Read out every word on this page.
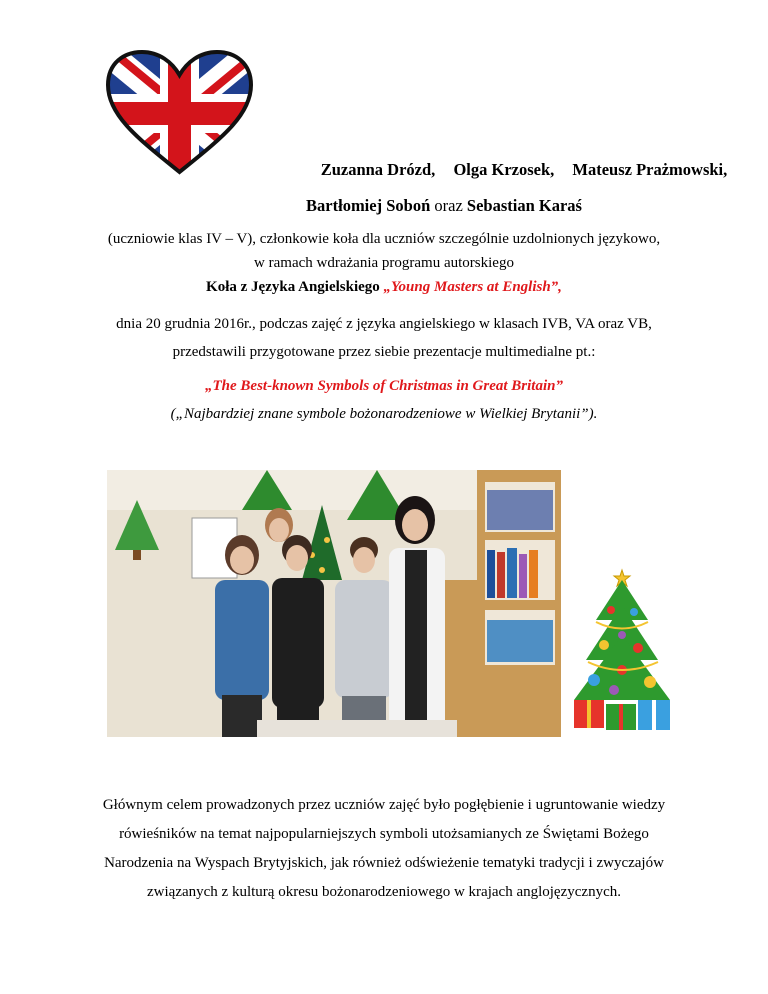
Zuzanna Drózd, Olga Krzosek, Mateusz Prażmowski,
Bartłomiej Soboń oraz Sebastian Karaś
(uczniowie klas IV – V), członkowie koła dla uczniów szczególnie uzdolnionych językowo,
w ramach wdrażania programu autorskiego
Koła z Języka Angielskiego „Young Masters at English”,
dnia 20 grudnia 2016r., podczas zajęć z języka angielskiego w klasach IVB, VA oraz VB,
przedstawili przygotowane przez siebie prezentacje multimedialne pt.:
„The Best-known Symbols of Christmas in Great Britain”
(„Najbardziej znane symbole bożonarodzeniowe w Wielkiej Brytanii”).
Głównym celem prowadzonych przez uczniów zajęć było pogłębienie i ugruntowanie wiedzy rówieśników na temat najpopularniejszych symboli utożsamianych ze Świętami Bożego Narodzenia na Wyspach Brytyjskich, jak również odświeżenie tematyki tradycji i zwyczajów związanych z kulturą okresu bożonarodzeniowego w krajach anglojęzycznych.
